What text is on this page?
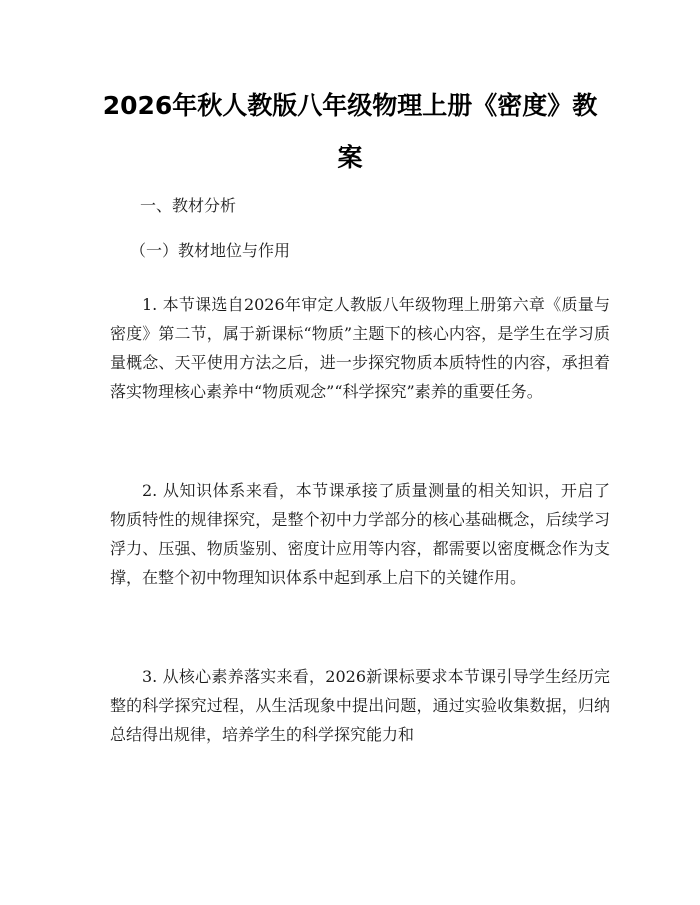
2026年秋人教版八年级物理上册《密度》教案
一、教材分析
（一）教材地位与作用
1. 本节课选自2026年审定人教版八年级物理上册第六章《质量与密度》第二节，属于新课标“物质”主题下的核心内容，是学生在学习质量概念、天平使用方法之后，进一步探究物质本质特性的内容，承担着落实物理核心素养中“物质观念”“科学探究”素养的重要任务。
2. 从知识体系来看，本节课承接了质量测量的相关知识，开启了物质特性的规律探究，是整个初中力学部分的核心基础概念，后续学习浮力、压强、物质鉴别、密度计应用等内容，都需要以密度概念作为支撑，在整个初中物理知识体系中起到承上启下的关键作用。
3. 从核心素养落实来看，2026新课标要求本节课引导学生经历完整的科学探究过程，从生活现象中提出问题，通过实验收集数据，归纳总结得出规律，培养学生的科学探究能力和
